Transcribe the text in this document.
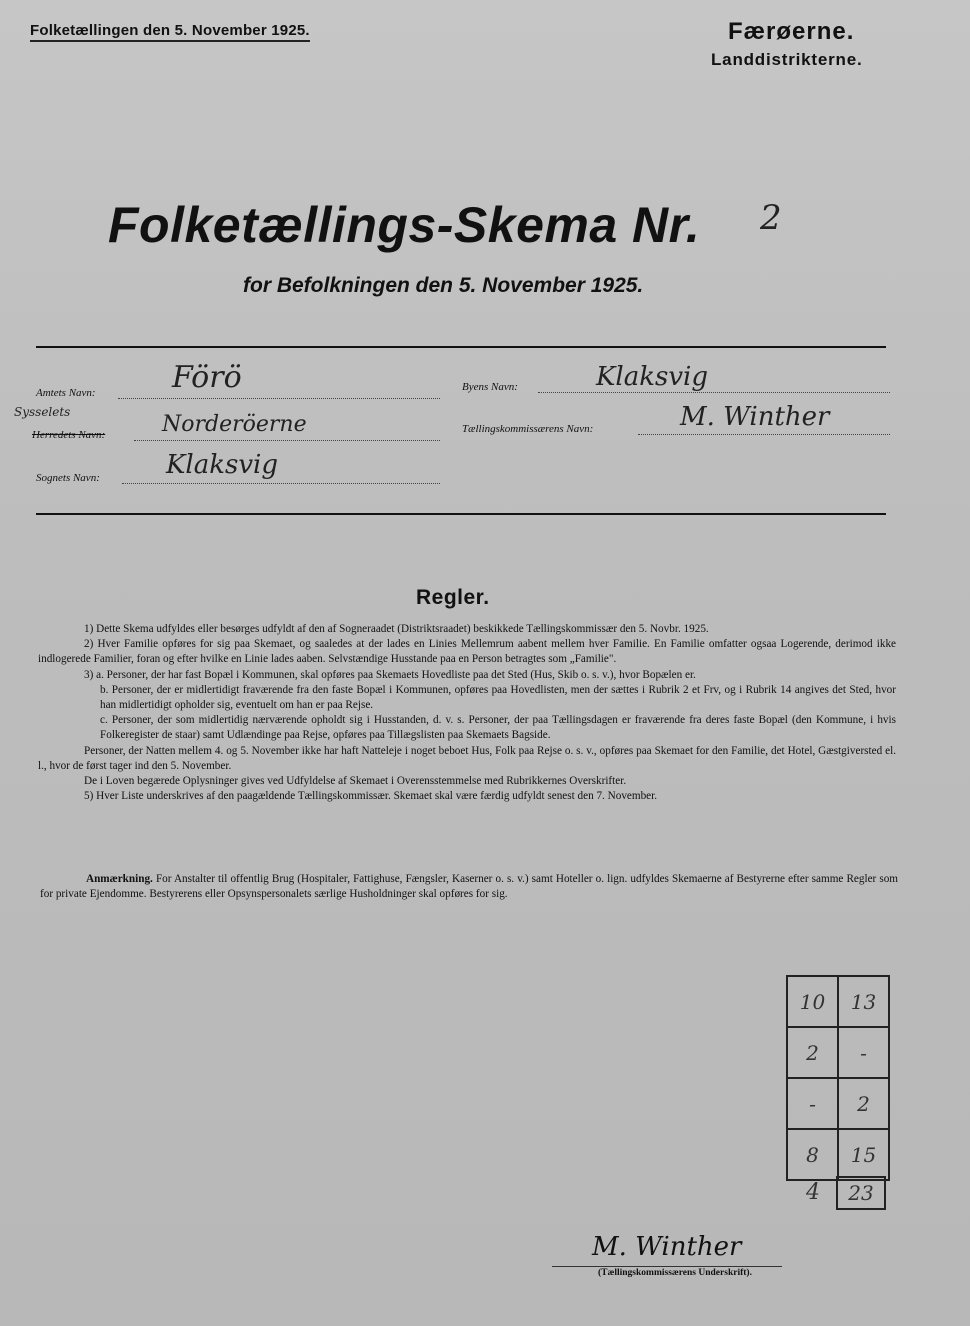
Folketællingen den 5. November 1925.	Færøerne.
Landdistrikterne.
Folketællings-Skema Nr. 2
for Befolkningen den 5. November 1925.
Amtets Navn:	Förö
Sysselets
Herredets Navn:	Norderöerne
Sognets Navn:	Klaksvig
Byens Navn:	Klaksvig
Tællingskommissærens Navn:	M. Winther
Regler.

1) Dette Skema udfyldes eller besørges udfyldt af den af Sogneraadet (Distriktsraadet) beskikkede Tællingskommissær den 5. Novbr. 1925.

2) Hver Familie opføres for sig paa Skemaet, og saaledes at der lades en Linies Mellemrum aabent mellem hver Familie. En Familie omfatter ogsaa Logerende, derimod ikke indlogerede Familier, foran og efter hvilke en Linie lades aaben. Selvstændige Husstande paa en Person betragtes som „Familie".

3) a. Personer, der har fast Bopæl i Kommunen, skal opføres paa Skemaets Hovedliste paa det Sted (Hus, Skib o. s. v.), hvor Bopælen er.

b. Personer, der er midlertidigt fraværende fra den faste Bopæl i Kommunen, opføres paa Hovedlisten, men der sættes i Rubrik 2 et Frv, og i Rubrik 14 angives det Sted, hvor han midlertidigt opholder sig, eventuelt om han er paa Rejse.

c. Personer, der som midlertidig nærværende opholdt sig i Husstanden, d. v. s. Personer, der paa Tællingsdagen er fraværende fra deres faste Bopæl (den Kommune, i hvis Folkeregister de staar) samt Udlændinge paa Rejse, opføres paa Tillægslisten paa Skemaets Bagside.

Personer, der Natten mellem 4. og 5. November ikke har haft Natteleje i noget beboet Hus, Folk paa Rejse o. s. v., opføres paa Skemaet for den Familie, det Hotel, Gæstgiversted el. l., hvor de først tager ind den 5. November.

De i Loven begærede Oplysninger gives ved Udfyldelse af Skemaet i Overensstemmelse med Rubrikkernes Overskrifter.

5) Hver Liste underskrives af den paagældende Tællingskommissær. Skemaet skal være færdig udfyldt senest den 7. November.

Anmærkning. For Anstalter til offentlig Brug (Hospitaler, Fattighuse, Fængsler, Kaserner o. s. v.) samt Hoteller o. lign. udfyldes Skemaerne af Bestyrerne efter samme Regler som for private Ejendomme. Bestyrerens eller Opsynspersonalets særlige Husholdninger skal opføres for sig.
10	13
2	-
-	2
8	15
4	23
M. Winther
(Tællingskommissærens Underskrift).
